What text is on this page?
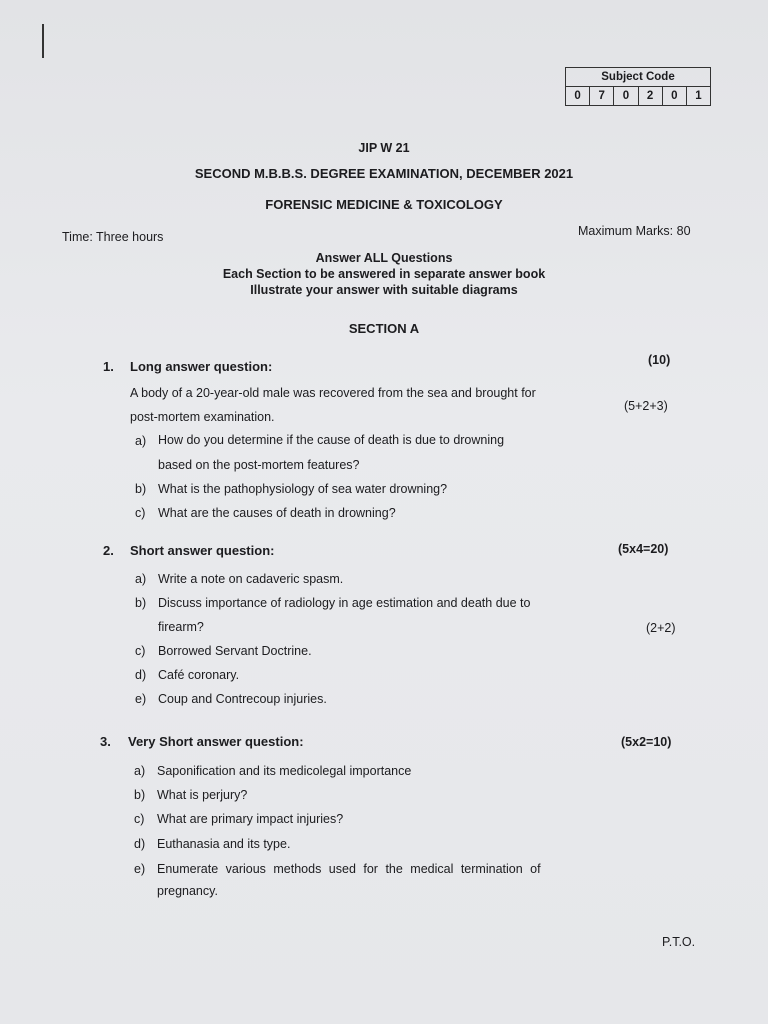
Subject Code
0	7	0	2	0	1
JIP W 21
SECOND M.B.B.S. DEGREE EXAMINATION, DECEMBER 2021
FORENSIC MEDICINE & TOXICOLOGY
Time: Three hours	Maximum Marks: 80
Answer ALL Questions
Each Section to be answered in separate answer book
Illustrate your answer with suitable diagrams
SECTION A
1. Long answer question:	(10)
A body of a 20-year-old male was recovered from the sea and brought for
post-mortem examination.
(5+2+3)
a) How do you determine if the cause of death is due to drowning
based on the post-mortem features?
b) What is the pathophysiology of sea water drowning?
c) What are the causes of death in drowning?
2. Short answer question:	(5x4=20)
a) Write a note on cadaveric spasm.
b) Discuss importance of radiology in age estimation and death due to
firearm?	(2+2)
c) Borrowed Servant Doctrine.
d) Café coronary.
e) Coup and Contrecoup injuries.
3. Very Short answer question:	(5x2=10)
a) Saponification and its medicolegal importance
b) What is perjury?
c) What are primary impact injuries?
d) Euthanasia and its type.
e) Enumerate various methods used for the medical termination of
pregnancy.
P.T.O.
